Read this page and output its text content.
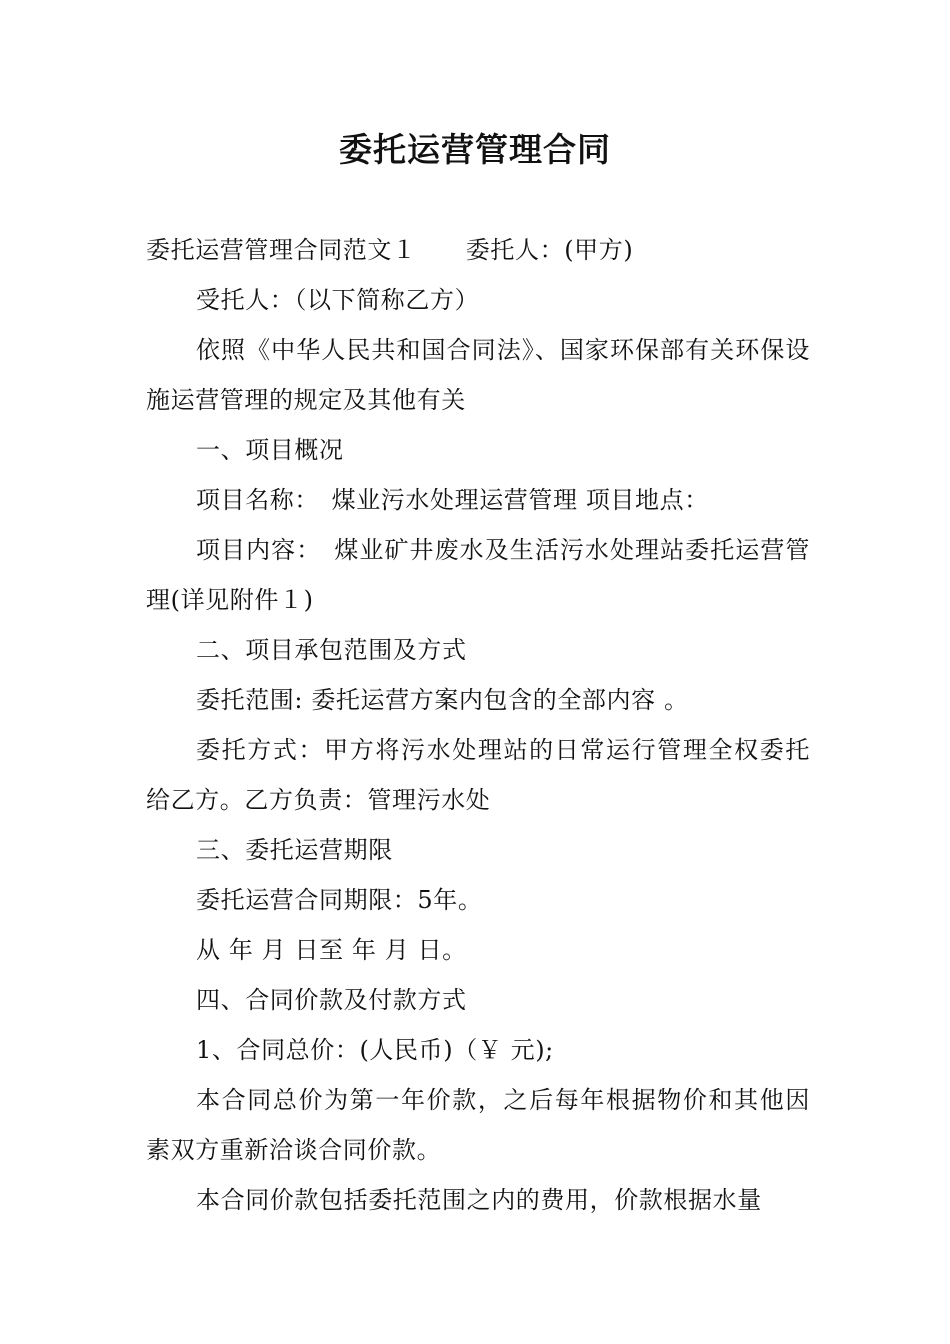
委托运营管理合同

委托运营管理合同范文１　　委托人：(甲方)

受托人：（以下简称乙方）

依照《中华人民共和国合同法》、国家环保部有关环保设施运营管理的规定及其他有关

一、项目概况

项目名称：　煤业污水处理运营管理 项目地点：

项目内容：　煤业矿井废水及生活污水处理站委托运营管理(详见附件１)

二、项目承包范围及方式

委托范围: 委托运营方案内包含的全部内容 。

委托方式：甲方将污水处理站的日常运行管理全权委托给乙方。乙方负责：管理污水处

三、委托运营期限

委托运营合同期限：5年。

从 年 月 日至 年 月 日。

四、合同价款及付款方式

1、合同总价：(人民币)（￥ 元);

本合同总价为第一年价款，之后每年根据物价和其他因素双方重新洽谈合同价款。

本合同价款包括委托范围之内的费用，价款根据水量
